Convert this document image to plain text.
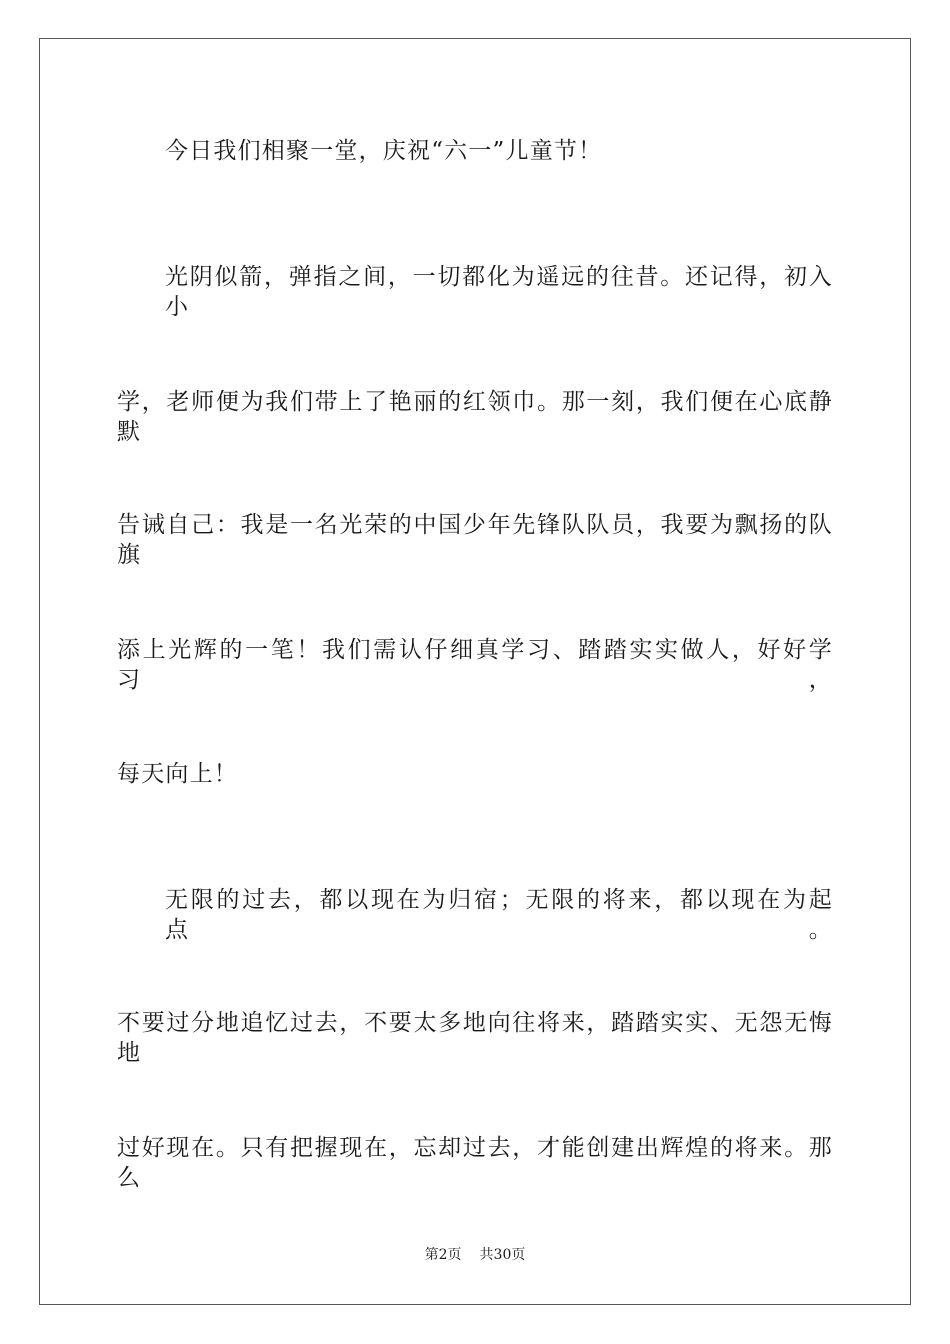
今日我们相聚一堂，庆祝“六一”儿童节！
光阴似箭，弹指之间，一切都化为遥远的往昔。还记得，初入小
学，老师便为我们带上了艳丽的红领巾。那一刻，我们便在心底静默
告诫自己：我是一名光荣的中国少年先锋队队员，我要为飘扬的队旗
添上光辉的一笔！我们需认仔细真学习、踏踏实实做人，好好学习，
每天向上！
无限的过去，都以现在为归宿；无限的将来，都以现在为起点。
不要过分地追忆过去，不要太多地向往将来，踏踏实实、无怨无悔地
过好现在。只有把握现在，忘却过去，才能创建出辉煌的将来。那么
第2页 共30页
